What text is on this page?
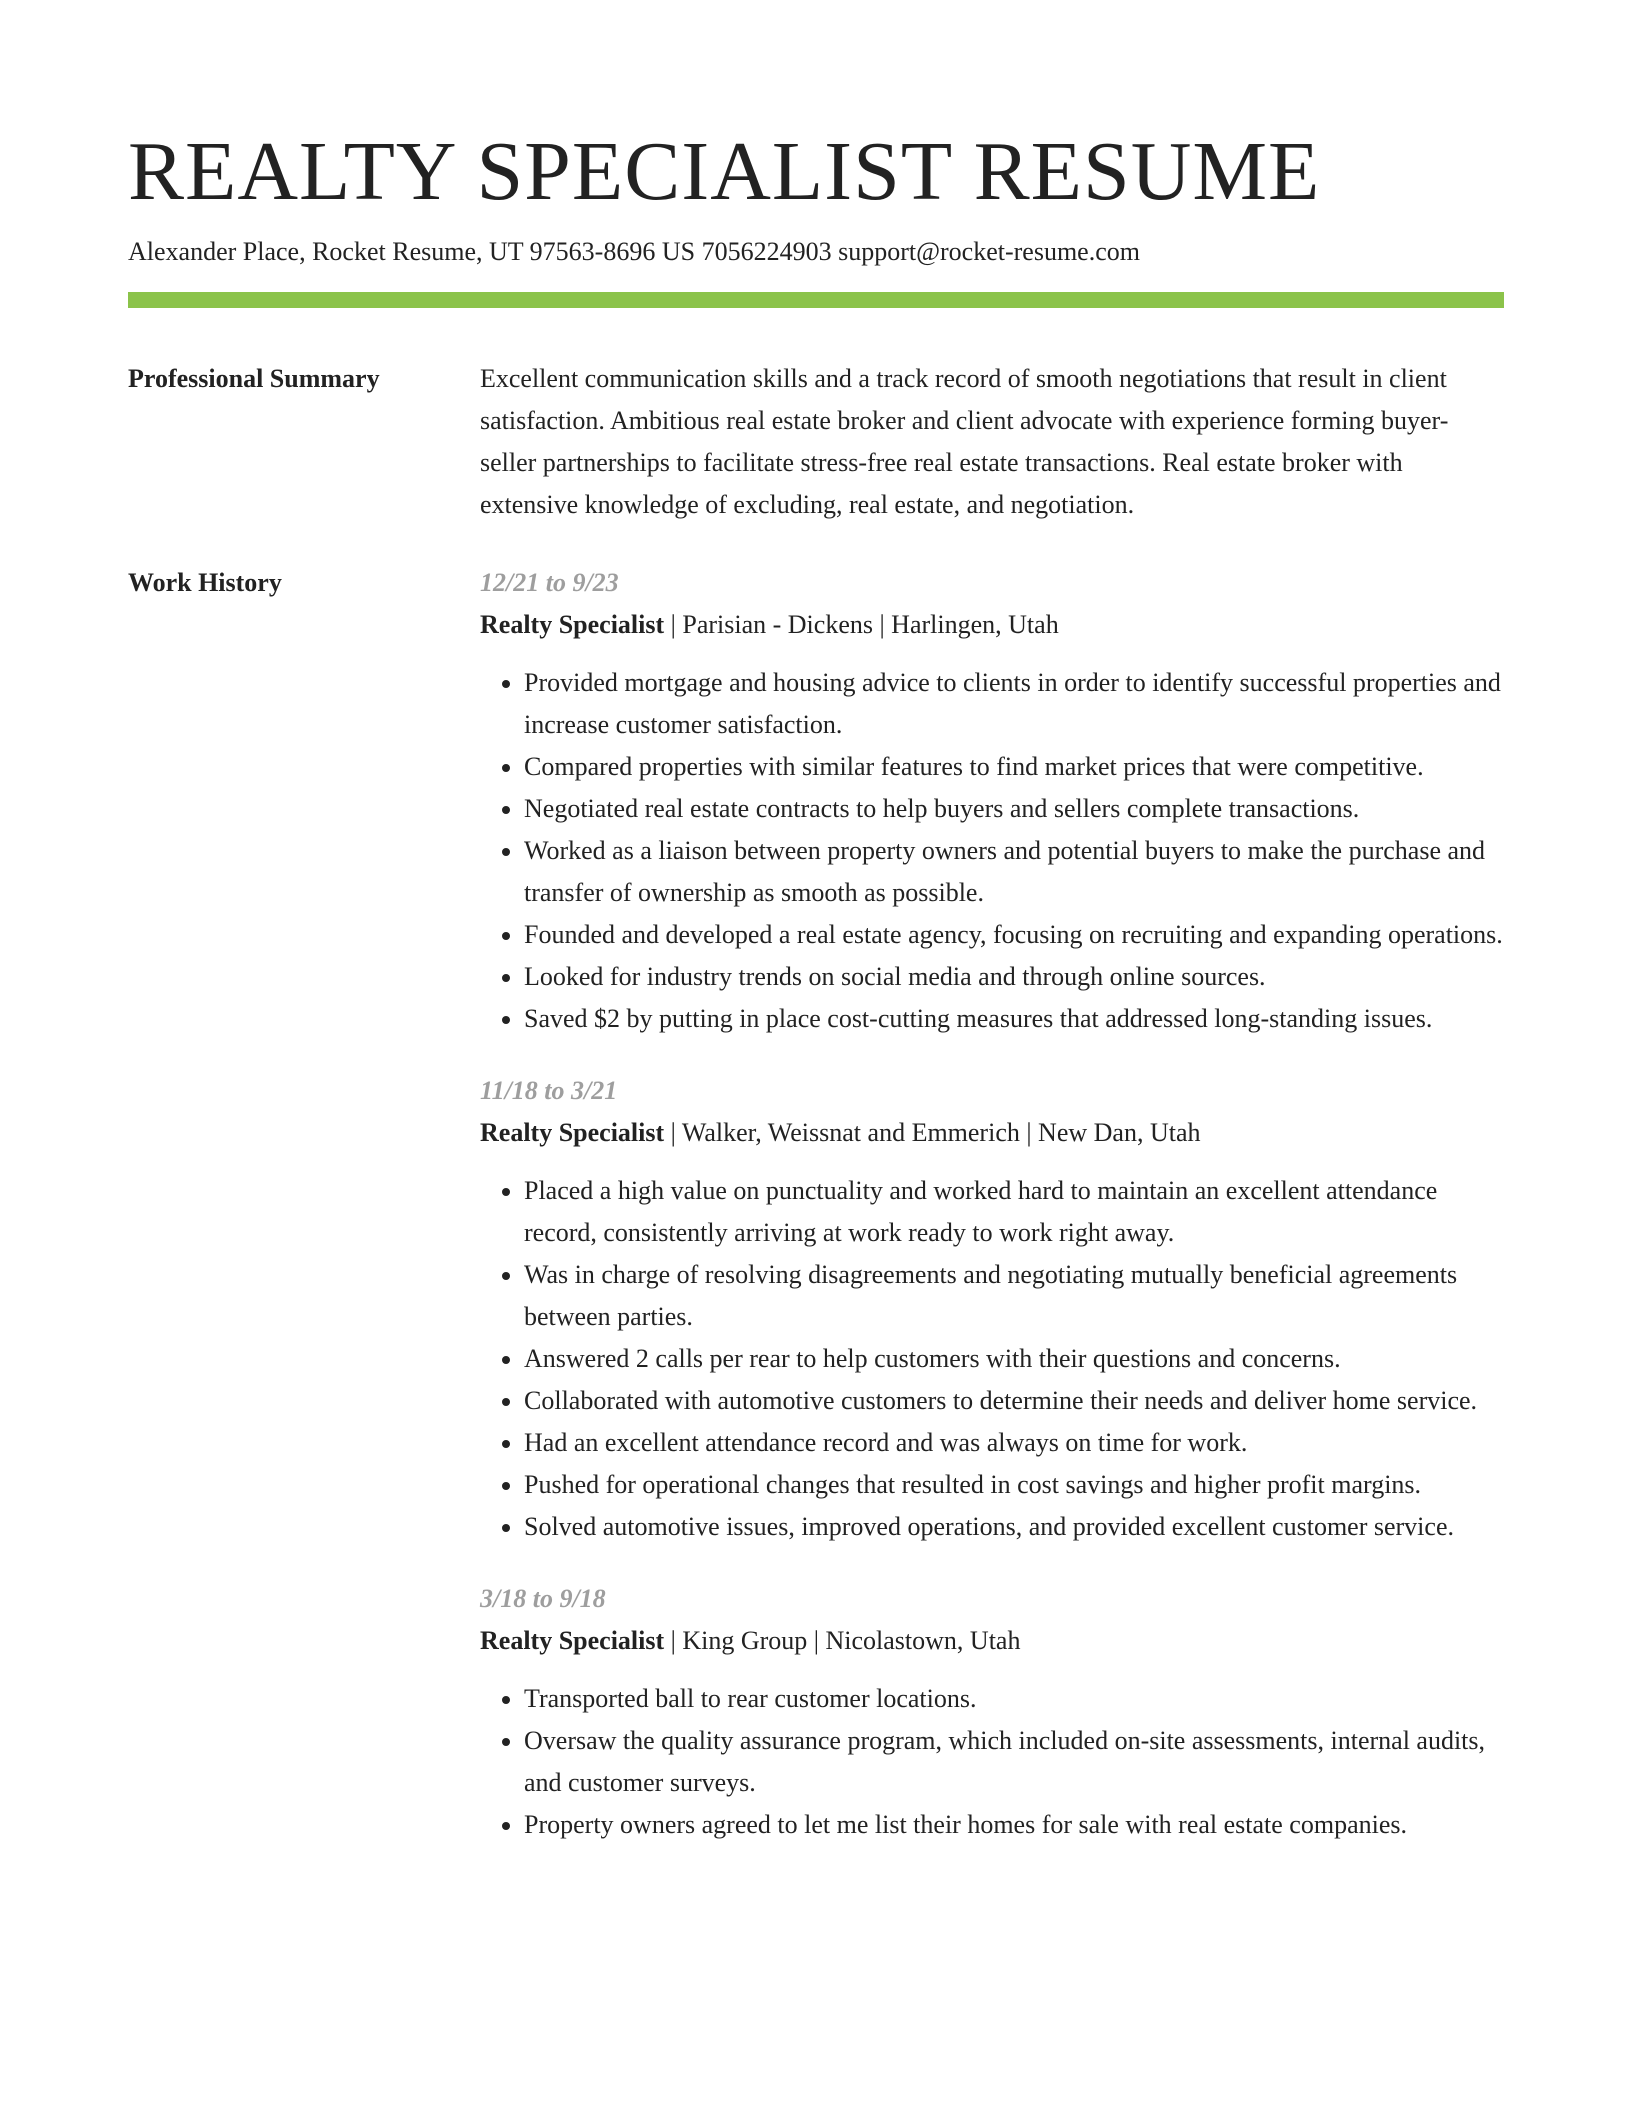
REALTY SPECIALIST RESUME
Alexander Place, Rocket Resume, UT 97563-8696 US 7056224903 support@rocket-resume.com
Professional Summary	Excellent communication skills and a track record of smooth negotiations that result in client satisfaction. Ambitious real estate broker and client advocate with experience forming buyer-seller partnerships to facilitate stress-free real estate transactions. Real estate broker with extensive knowledge of excluding, real estate, and negotiation.

Work History	12/21 to 9/23
Realty Specialist | Parisian - Dickens | Harlingen, Utah
• Provided mortgage and housing advice to clients in order to identify successful properties and increase customer satisfaction.
• Compared properties with similar features to find market prices that were competitive.
• Negotiated real estate contracts to help buyers and sellers complete transactions.
• Worked as a liaison between property owners and potential buyers to make the purchase and transfer of ownership as smooth as possible.
• Founded and developed a real estate agency, focusing on recruiting and expanding operations.
• Looked for industry trends on social media and through online sources.
• Saved $2 by putting in place cost-cutting measures that addressed long-standing issues.
11/18 to 3/21
Realty Specialist | Walker, Weissnat and Emmerich | New Dan, Utah
• Placed a high value on punctuality and worked hard to maintain an excellent attendance record, consistently arriving at work ready to work right away.
• Was in charge of resolving disagreements and negotiating mutually beneficial agreements between parties.
• Answered 2 calls per rear to help customers with their questions and concerns.
• Collaborated with automotive customers to determine their needs and deliver home service.
• Had an excellent attendance record and was always on time for work.
• Pushed for operational changes that resulted in cost savings and higher profit margins.
• Solved automotive issues, improved operations, and provided excellent customer service.
3/18 to 9/18
Realty Specialist | King Group | Nicolastown, Utah
• Transported ball to rear customer locations.
• Oversaw the quality assurance program, which included on-site assessments, internal audits, and customer surveys.
• Property owners agreed to let me list their homes for sale with real estate companies.
